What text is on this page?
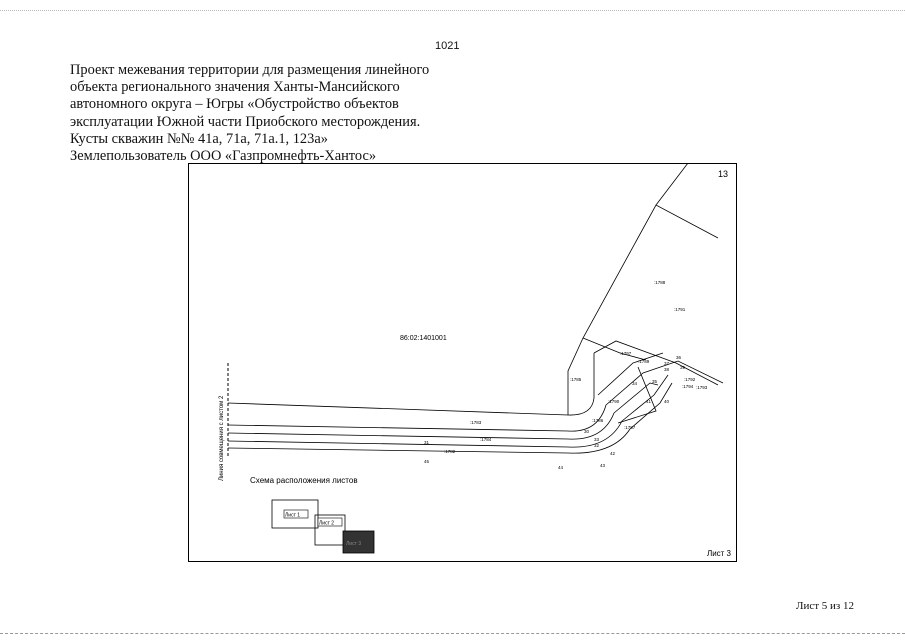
1021
Проект межевания территории для размещения линейного
объекта регионального значения Ханты-Мансийского
автономного округа – Югры «Обустройство объектов
эксплуатации Южной части Приобского месторождения.
Кусты скважин №№ 41а, 71а, 71а.1, 123а»
Землепользователь ООО «Газпромнефть-Хантос»
13
86:02:1401001
:1788
:1791
:1785
:1797
:1783
:1784
:1782
:1787
:1786
:1789
:1790
:1792
:1793
:1794
36
37
38 39
34	35
40
41
42
43
44
45
33
32
31
30
Линия совмещения с листом 2	Схема расположения листов
Лист 1
Лист 2
Лист 3
Лист 3
Лист 5 из 12
